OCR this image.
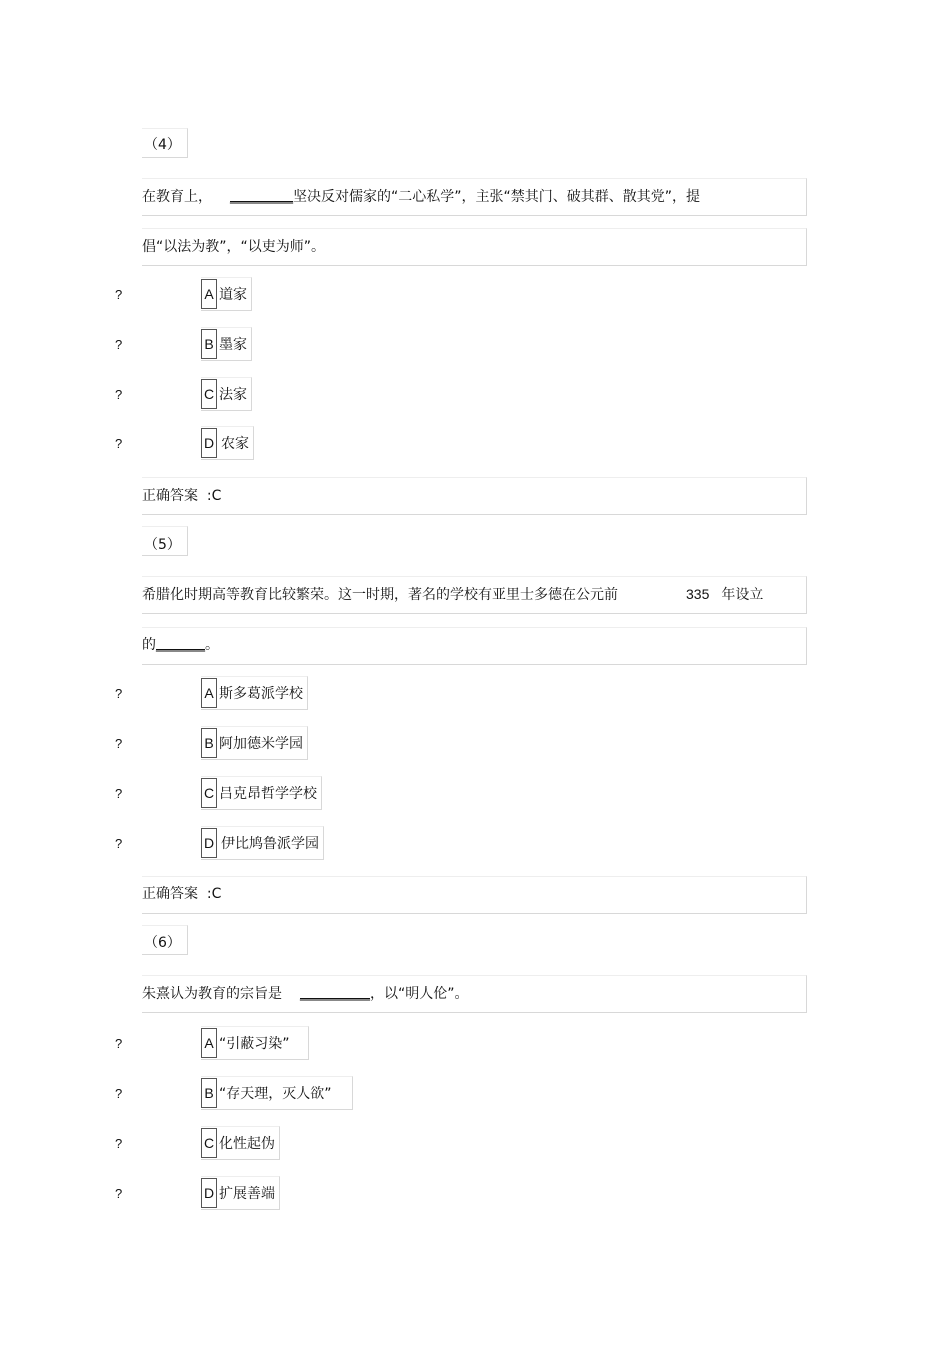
（4）
在教育上， _________ 坚决反对儒家的“二心私学”，主张“禁其门、破其群、散其党”，提
倡“以法为教”，“以吏为师”。
?	A 道家
?	B 墨家
?	C 法家
?	D 农家
正确答案  :C
（5）
希腊化时期高等教育比较繁荣。这一时期，著名的学校有亚里士多德在公元前	335 年设立
的 _______ 。
?	A 斯多葛派学校
?	B 阿加德米学园
?	C 吕克昂哲学学校
?	D 伊比鸠鲁派学园
正确答案  :C
（6）
朱熹认为教育的宗旨是 __________ ，以“明人伦”。
?	A “引蔽习染”
?	B “存天理，灭人欲”
?	C 化性起伪
?	D 扩展善端
